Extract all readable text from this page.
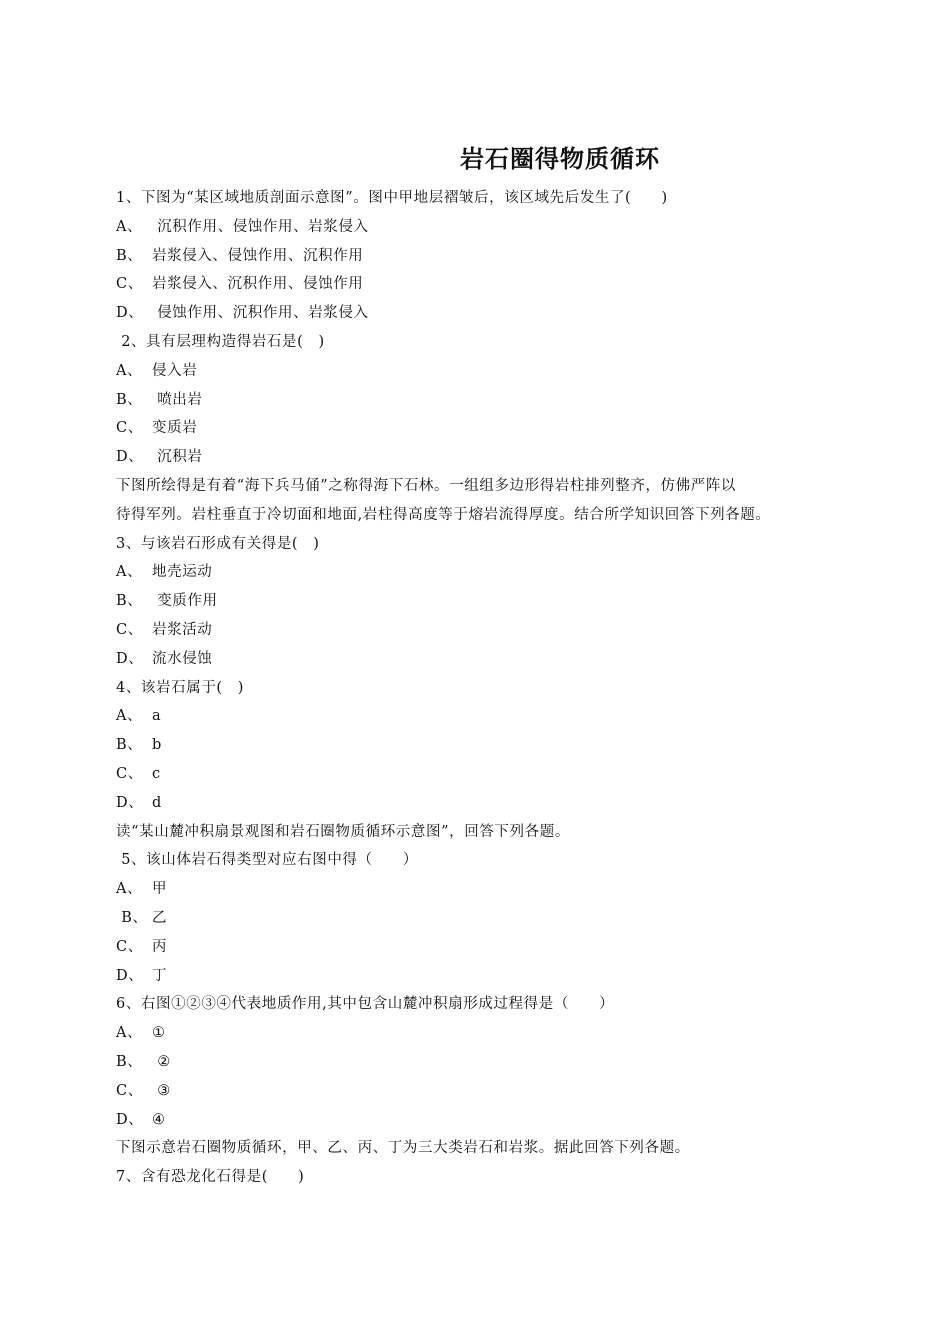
岩石圈得物质循环
1、下图为“某区域地质剖面示意图”。图中甲地层褶皱后，该区域先后发生了(　　)
A、 沉积作用、侵蚀作用、岩浆侵入
B、 岩浆侵入、侵蚀作用、沉积作用
C、 岩浆侵入、沉积作用、侵蚀作用
D、 侵蚀作用、沉积作用、岩浆侵入
2、具有层理构造得岩石是(　)
A、 侵入岩
B、 喷出岩
C、 变质岩
D、 沉积岩
下图所绘得是有着“海下兵马俑”之称得海下石林。一组组多边形得岩柱排列整齐，仿佛严阵以
待得军列。岩柱垂直于冷切面和地面,岩柱得高度等于熔岩流得厚度。结合所学知识回答下列各题。
3、与该岩石形成有关得是(　)
A、 地壳运动
B、 变质作用
C、 岩浆活动
D、 流水侵蚀
4、该岩石属于(　)
A、 a
B、 b
C、 c
D、 d
读“某山麓冲积扇景观图和岩石圈物质循环示意图”，回答下列各题。
5、该山体岩石得类型对应右图中得（　　）
A、 甲
B、 乙
C、 丙
D、 丁
6、右图①②③④代表地质作用,其中包含山麓冲积扇形成过程得是（　　）
A、 ①
B、 ②
C、 ③
D、 ④
下图示意岩石圈物质循环，甲、乙、丙、丁为三大类岩石和岩浆。据此回答下列各题。
7、含有恐龙化石得是(　　)
